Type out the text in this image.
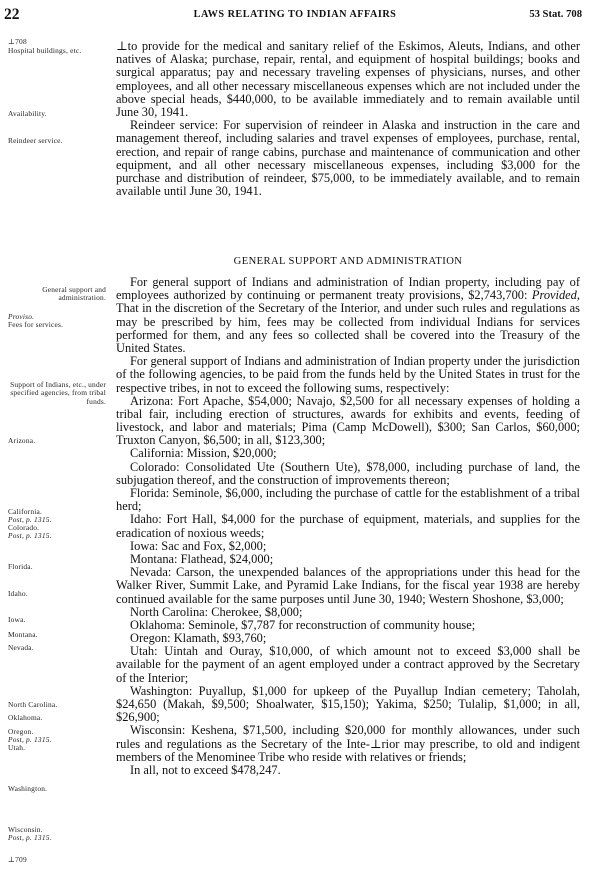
22	LAWS RELATING TO INDIAN AFFAIRS	53 Stat. 708
⊥708
Hospital buildings, etc.
Availability.
Reindeer service.
General support and administration.
Proviso.
Fees for services.
Support of Indians, etc., under specified agencies, from tribal funds.
Arizona.
California.
Post, p. 1315.
Colorado.
Post, p. 1315.
Florida.
Idaho.
Iowa.
Montana.
Nevada.
North Carolina.
Oklahoma.
Oregon.
Post, p. 1315.
Utah.
Washington.
Wisconsin.
Post, p. 1315.
⊥709

⊥to provide for the medical and sanitary relief of the Eskimos, Aleuts, Indians, and other natives of Alaska; purchase, repair, rental, and equipment of hospital buildings; books and surgical apparatus; pay and necessary traveling expenses of physicians, nurses, and other employees, and all other necessary miscellaneous expenses which are not included under the above special heads, $440,000, to be available immediately and to remain available until June 30, 1941.

Reindeer service: For supervision of reindeer in Alaska and instruction in the care and management thereof, including salaries and travel expenses of employees, purchase, rental, erection, and repair of range cabins, purchase and maintenance of communication and other equipment, and all other necessary miscellaneous expenses, including $3,000 for the purchase and distribution of reindeer, $75,000, to be immediately available, and to remain available until June 30, 1941.

GENERAL SUPPORT AND ADMINISTRATION

For general support of Indians and administration of Indian property, including pay of employees authorized by continuing or permanent treaty provisions, $2,743,700: Provided, That in the discretion of the Secretary of the Interior, and under such rules and regulations as may be prescribed by him, fees may be collected from individual Indians for services performed for them, and any fees so collected shall be covered into the Treasury of the United States.

For general support of Indians and administration of Indian property under the jurisdiction of the following agencies, to be paid from the funds held by the United States in trust for the respective tribes, in not to exceed the following sums, respectively:

Arizona: Fort Apache, $54,000; Navajo, $2,500 for all necessary expenses of holding a tribal fair, including erection of structures, awards for exhibits and events, feeding of livestock, and labor and materials; Pima (Camp McDowell), $300; San Carlos, $60,000; Truxton Canyon, $6,500; in all, $123,300;

California: Mission, $20,000;

Colorado: Consolidated Ute (Southern Ute), $78,000, including purchase of land, the subjugation thereof, and the construction of improvements thereon;

Florida: Seminole, $6,000, including the purchase of cattle for the establishment of a tribal herd;

Idaho: Fort Hall, $4,000 for the purchase of equipment, materials, and supplies for the eradication of noxious weeds;

Iowa: Sac and Fox, $2,000;

Montana: Flathead, $24,000;

Nevada: Carson, the unexpended balances of the appropriations under this head for the Walker River, Summit Lake, and Pyramid Lake Indians, for the fiscal year 1938 are hereby continued available for the same purposes until June 30, 1940; Western Shoshone, $3,000;

North Carolina: Cherokee, $8,000;

Oklahoma: Seminole, $7,787 for reconstruction of community house;

Oregon: Klamath, $93,760;

Utah: Uintah and Ouray, $10,000, of which amount not to exceed $3,000 shall be available for the payment of an agent employed under a contract approved by the Secretary of the Interior;

Washington: Puyallup, $1,000 for upkeep of the Puyallup Indian cemetery; Taholah, $24,650 (Makah, $9,500; Shoalwater, $15,150); Yakima, $250; Tulalip, $1,000; in all, $26,900;

Wisconsin: Keshena, $71,500, including $20,000 for monthly allowances, under such rules and regulations as the Secretary of the Inte-⊥rior may prescribe, to old and indigent members of the Menominee Tribe who reside with relatives or friends;

In all, not to exceed $478,247.
